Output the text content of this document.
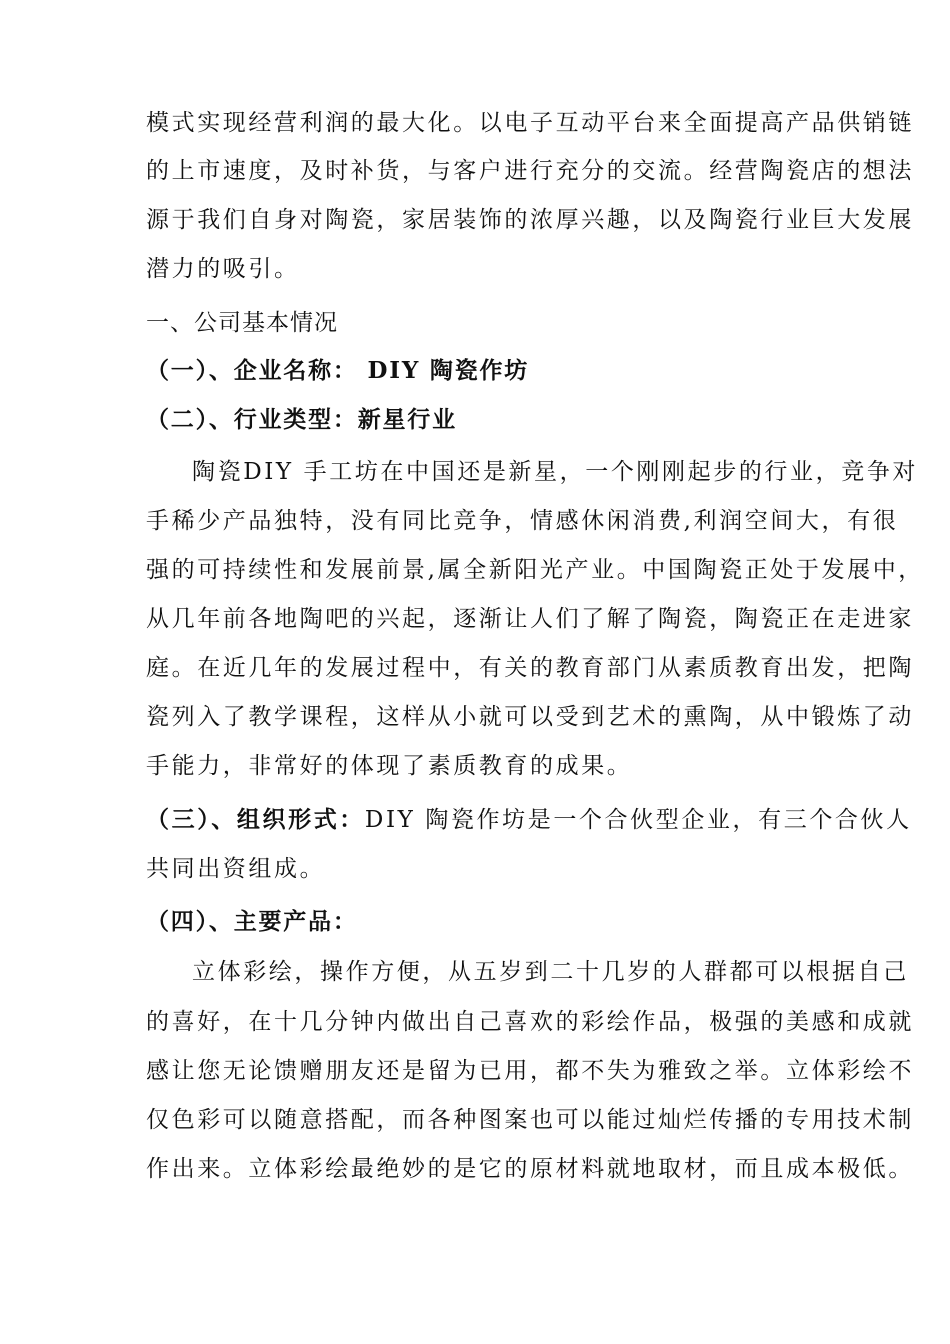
模式实现经营利润的最大化。以电子互动平台来全面提高产品供销链
的上市速度，及时补货，与客户进行充分的交流。经营陶瓷店的想法
源于我们自身对陶瓷，家居装饰的浓厚兴趣，以及陶瓷行业巨大发展
潜力的吸引。
一、公司基本情况
（一）、企业名称： DIY 陶瓷作坊
（二）、行业类型：新星行业
陶瓷DIY 手工坊在中国还是新星，一个刚刚起步的行业，竞争对
手稀少产品独特，没有同比竞争，情感休闲消费,利润空间大，有很
强的可持续性和发展前景,属全新阳光产业。中国陶瓷正处于发展中，
从几年前各地陶吧的兴起，逐渐让人们了解了陶瓷，陶瓷正在走进家
庭。在近几年的发展过程中，有关的教育部门从素质教育出发，把陶
瓷列入了教学课程，这样从小就可以受到艺术的熏陶，从中锻炼了动
手能力，非常好的体现了素质教育的成果。
（三）、组织形式：DIY 陶瓷作坊是一个合伙型企业，有三个合伙人
共同出资组成。
（四）、主要产品：
立体彩绘，操作方便，从五岁到二十几岁的人群都可以根据自己
的喜好，在十几分钟内做出自己喜欢的彩绘作品，极强的美感和成就
感让您无论馈赠朋友还是留为已用，都不失为雅致之举。立体彩绘不
仅色彩可以随意搭配，而各种图案也可以能过灿烂传播的专用技术制
作出来。立体彩绘最绝妙的是它的原材料就地取材，而且成本极低。
